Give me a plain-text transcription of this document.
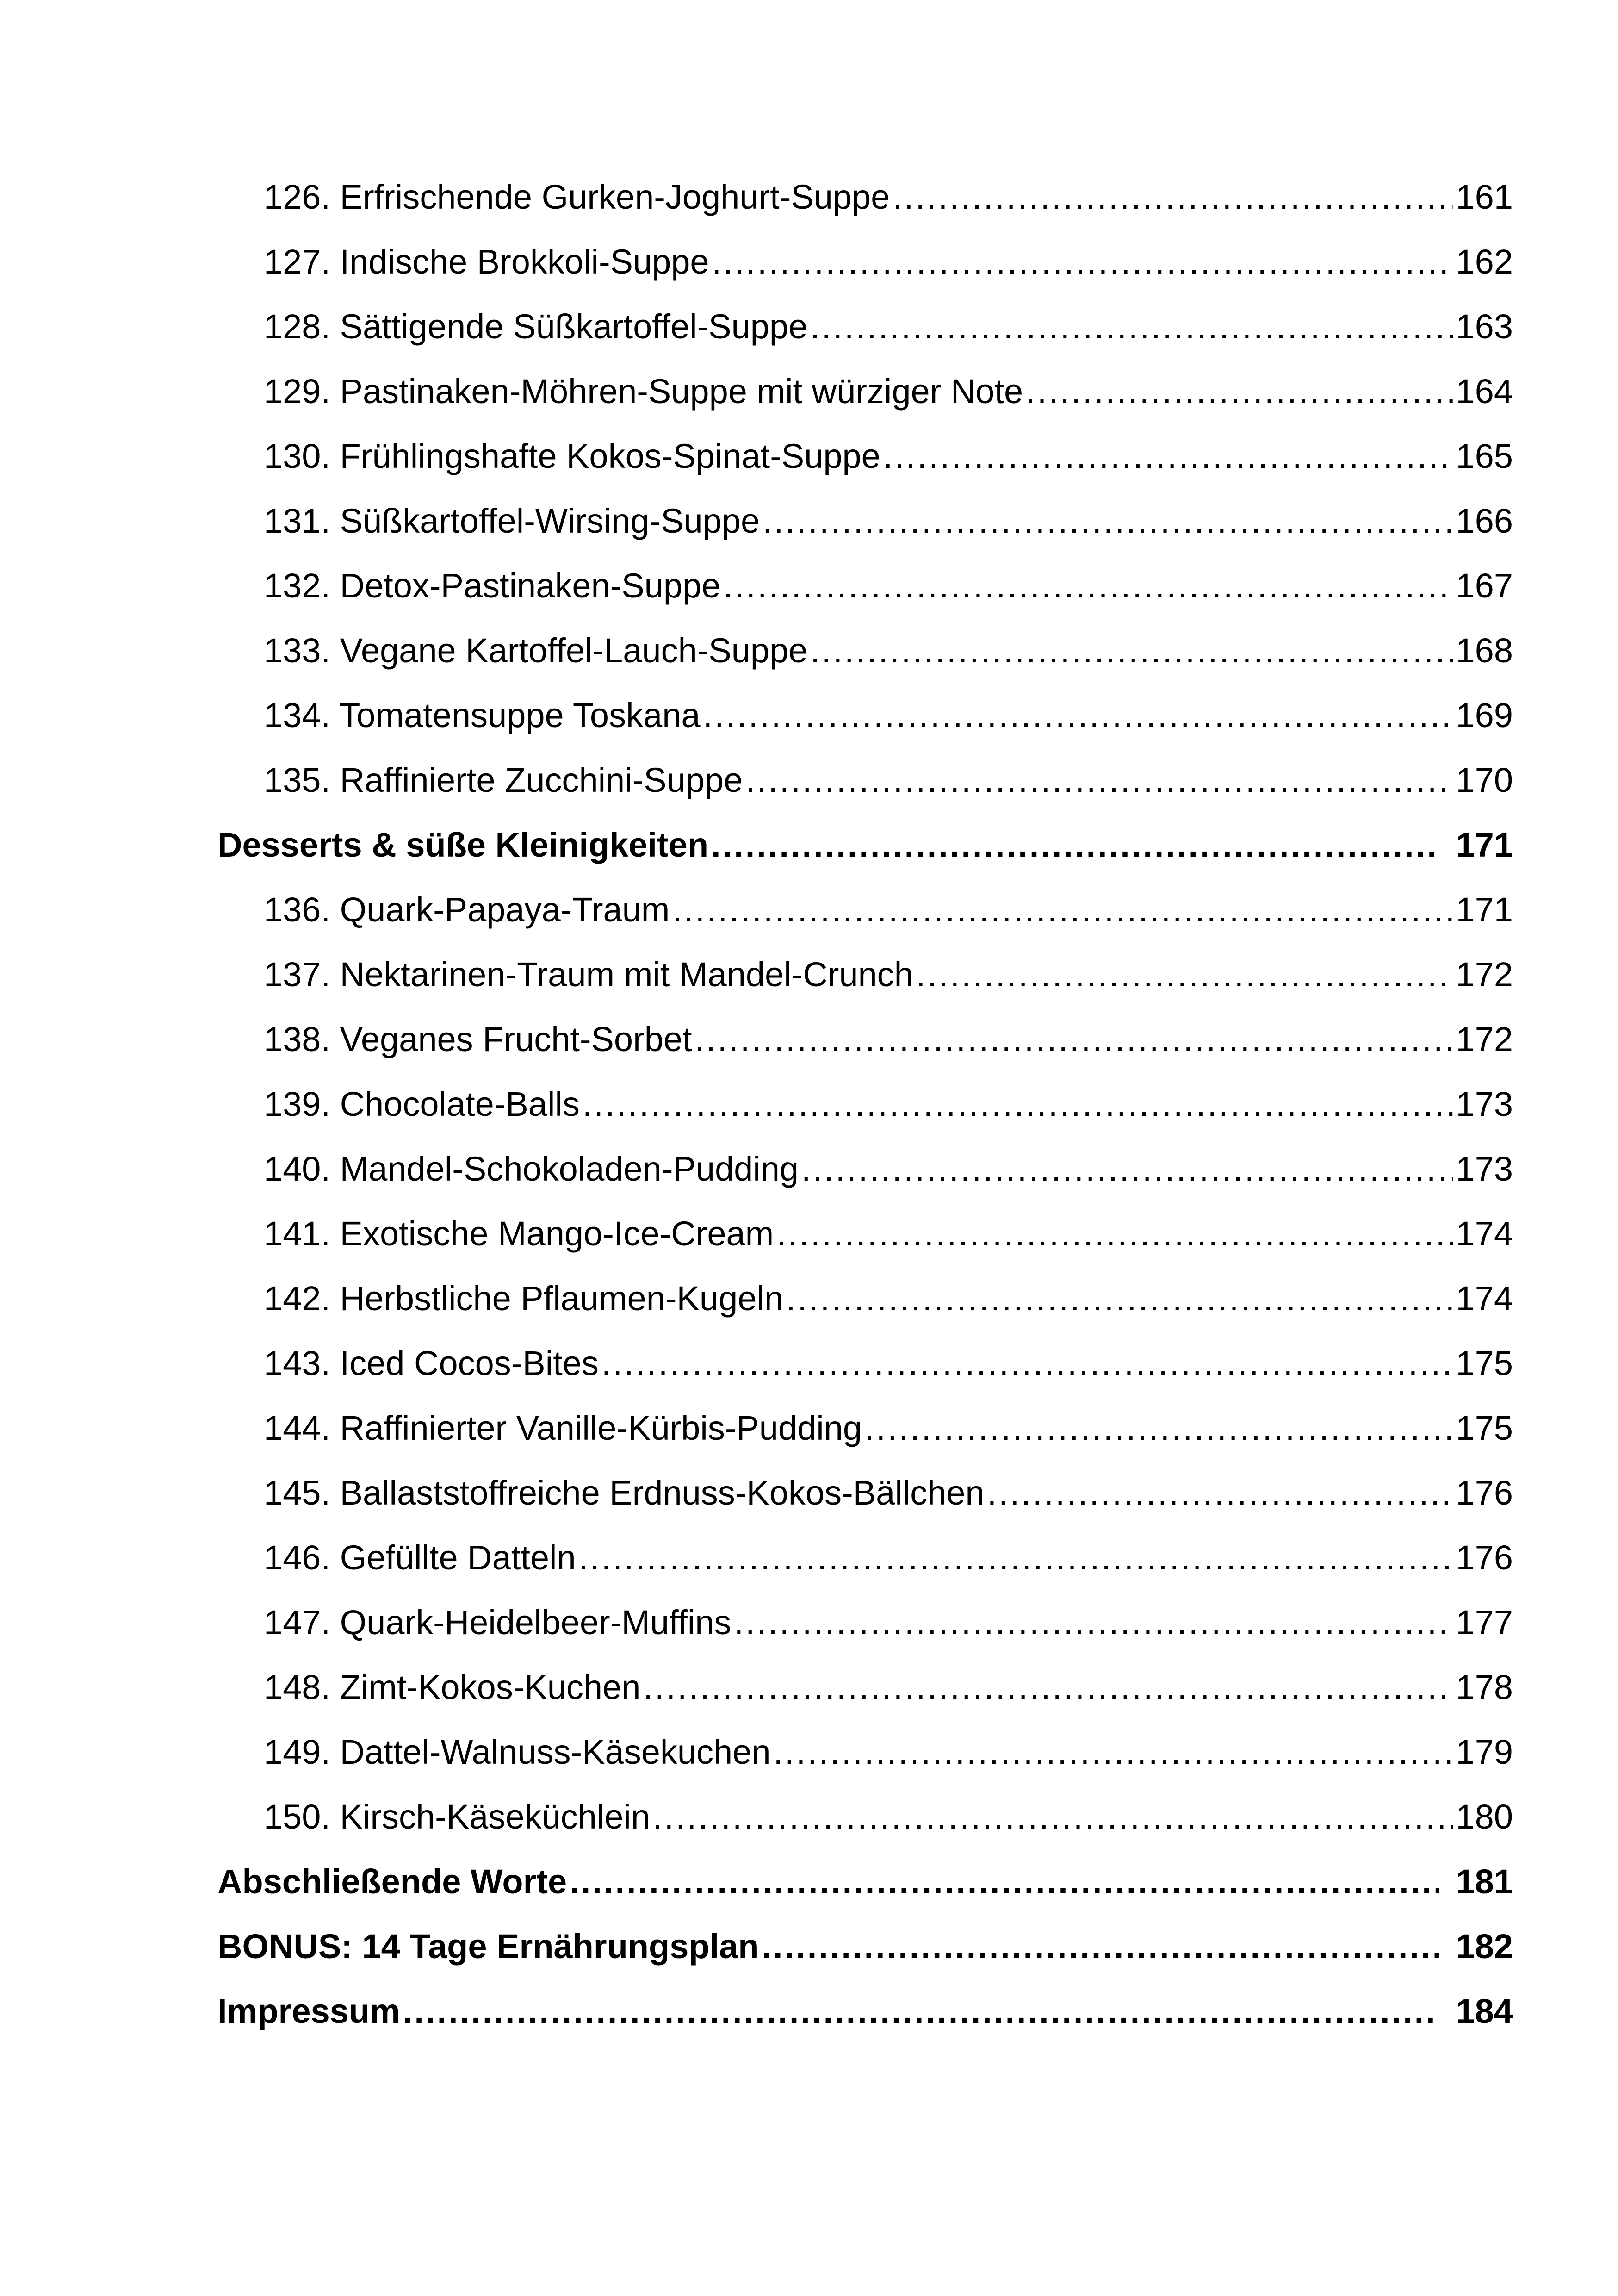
126. Erfrischende Gurken-Joghurt-Suppe .....	161
127. Indische Brokkoli-Suppe .....	162
128. Sättigende Süßkartoffel-Suppe .....	163
129. Pastinaken-Möhren-Suppe mit würziger Note .....	164
130. Frühlingshafte Kokos-Spinat-Suppe .....	165
131. Süßkartoffel-Wirsing-Suppe .....	166
132. Detox-Pastinaken-Suppe .....	167
133. Vegane Kartoffel-Lauch-Suppe .....	168
134. Tomatensuppe Toskana .....	169
135. Raffinierte Zucchini-Suppe .....	170
Desserts & süße Kleinigkeiten .....	171
136. Quark-Papaya-Traum .....	171
137. Nektarinen-Traum mit Mandel-Crunch .....	172
138. Veganes Frucht-Sorbet .....	172
139. Chocolate-Balls .....	173
140. Mandel-Schokoladen-Pudding .....	173
141. Exotische Mango-Ice-Cream .....	174
142. Herbstliche Pflaumen-Kugeln .....	174
143. Iced Cocos-Bites .....	175
144. Raffinierter Vanille-Kürbis-Pudding .....	175
145. Ballaststoffreiche Erdnuss-Kokos-Bällchen .....	176
146. Gefüllte Datteln .....	176
147. Quark-Heidelbeer-Muffins .....	177
148. Zimt-Kokos-Kuchen .....	178
149. Dattel-Walnuss-Käsekuchen .....	179
150. Kirsch-Käseküchlein .....	180
Abschließende Worte .....	181
BONUS: 14 Tage Ernährungsplan .....	182
Impressum .....	184
